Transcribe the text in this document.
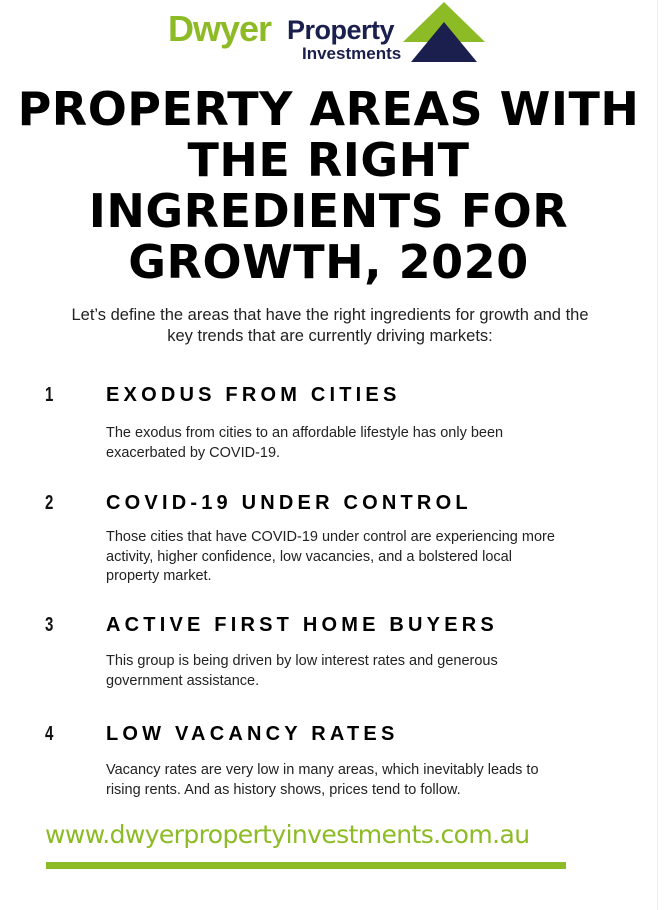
Dwyer Property
Investments
PROPERTY AREAS WITH
THE RIGHT
INGREDIENTS FOR
GROWTH, 2020
Let’s define the areas that have the right ingredients for growth and the
key trends that are currently driving markets:
1	EXODUS FROM CITIES
The exodus from cities to an affordable lifestyle has only been
exacerbated by COVID-19.
2	COVID-19 UNDER CONTROL
Those cities that have COVID-19 under control are experiencing more
activity, higher confidence, low vacancies, and a bolstered local
property market.
3	ACTIVE FIRST HOME BUYERS
This group is being driven by low interest rates and generous
government assistance.
4	LOW VACANCY RATES
Vacancy rates are very low in many areas, which inevitably leads to
rising rents. And as history shows, prices tend to follow.
www.dwyerpropertyinvestments.com.au
